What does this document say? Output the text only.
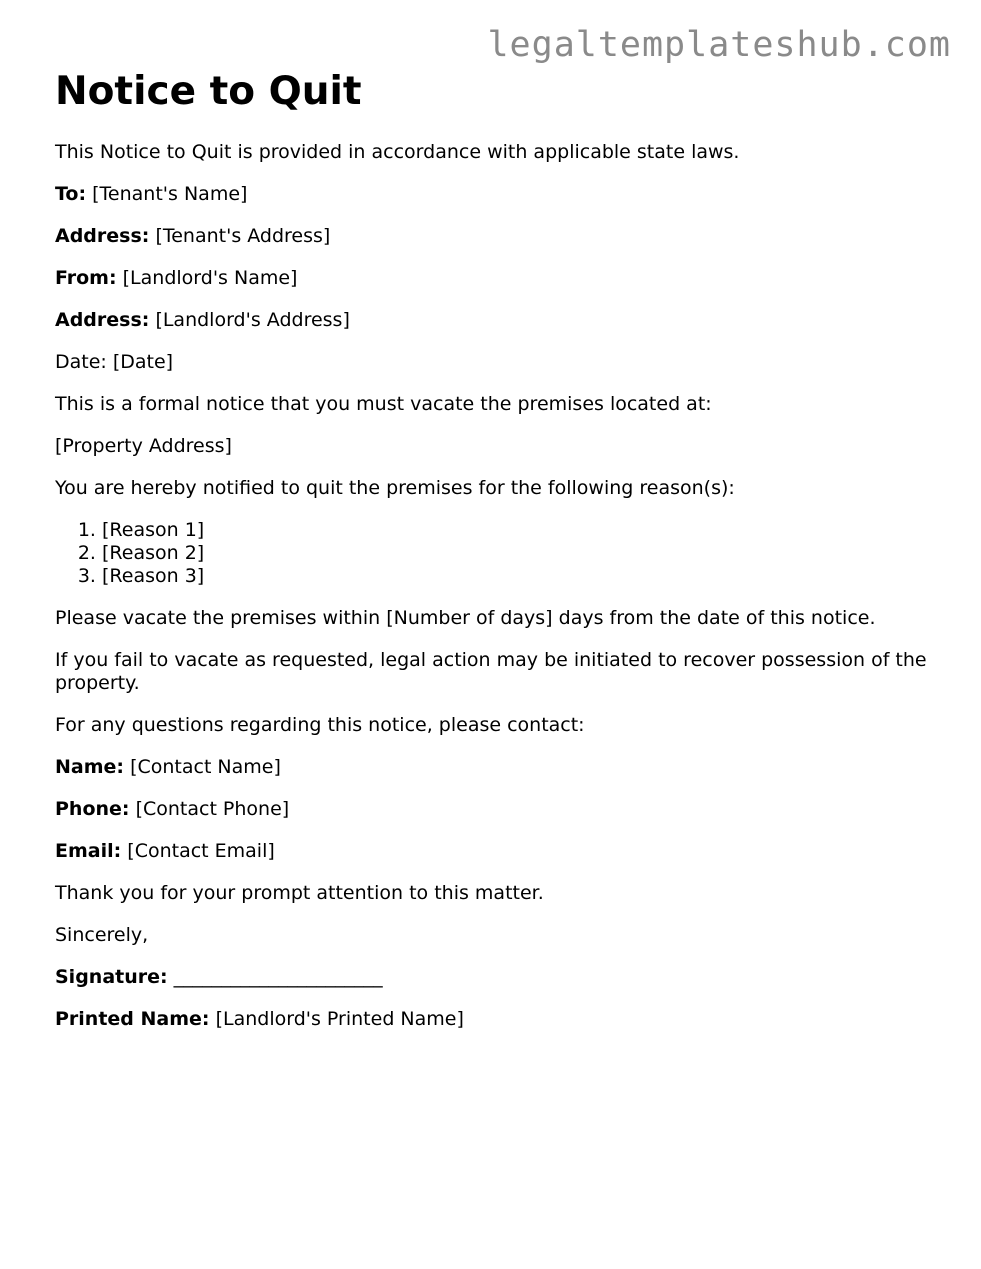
legaltemplateshub.com
Notice to Quit

This Notice to Quit is provided in accordance with applicable state laws.

To: [Tenant's Name]

Address: [Tenant's Address]

From: [Landlord's Name]

Address: [Landlord's Address]

Date: [Date]

This is a formal notice that you must vacate the premises located at:

[Property Address]

You are hereby notified to quit the premises for the following reason(s):

1. [Reason 1]
2. [Reason 2]
3. [Reason 3]

Please vacate the premises within [Number of days] days from the date of this notice.

If you fail to vacate as requested, legal action may be initiated to recover possession of the property.

For any questions regarding this notice, please contact:

Name: [Contact Name]

Phone: [Contact Phone]

Email: [Contact Email]

Thank you for your prompt attention to this matter.

Sincerely,

Signature: ______________________

Printed Name: [Landlord's Printed Name]
